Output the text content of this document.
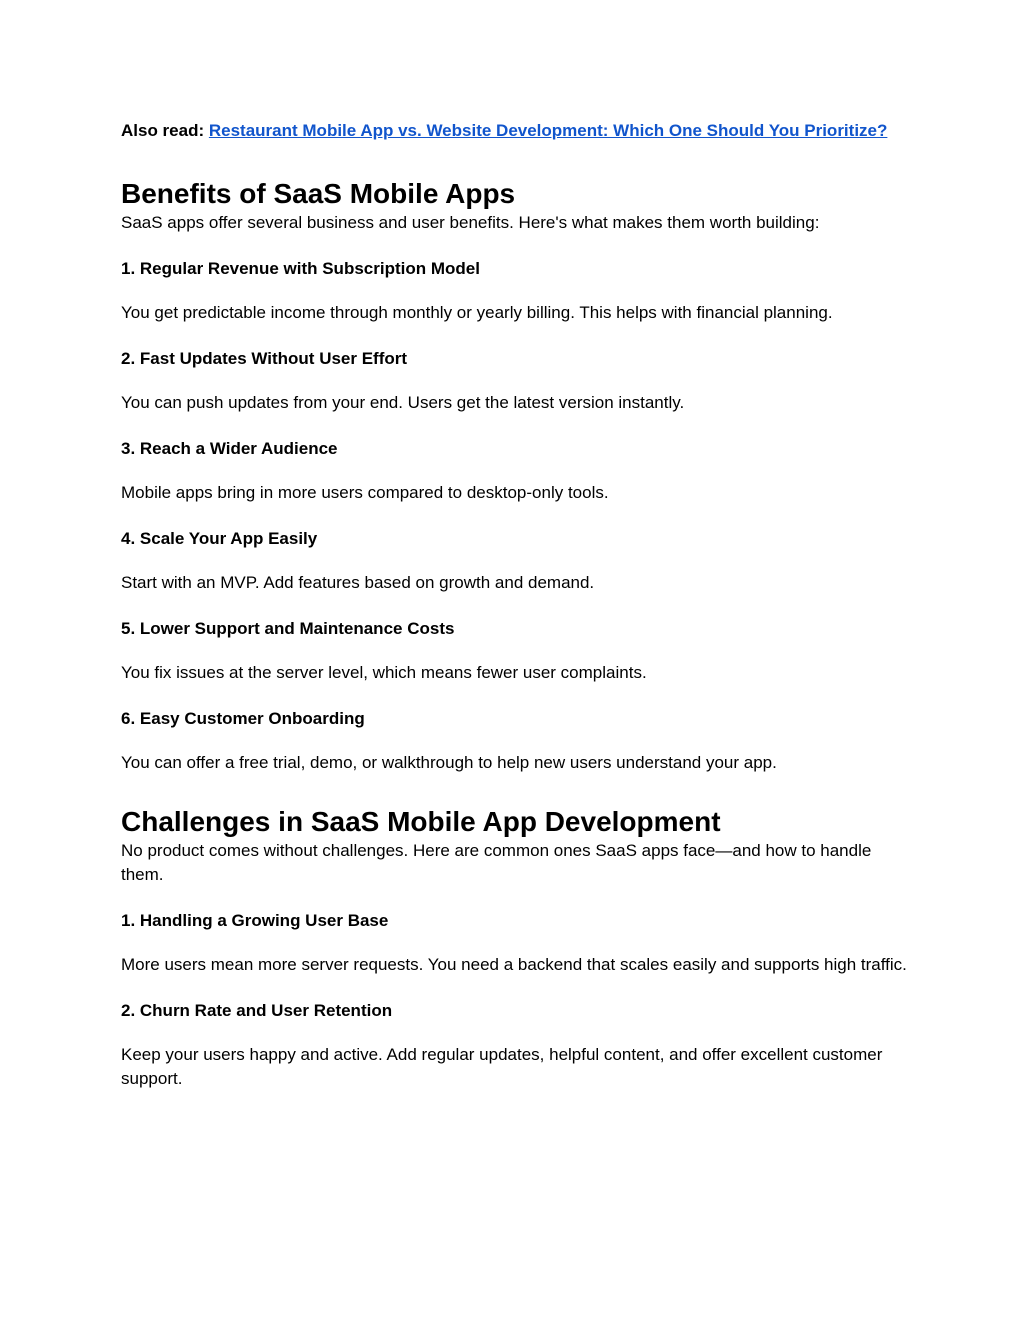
Also read: Restaurant Mobile App vs. Website Development: Which One Should You Prioritize?

Benefits of SaaS Mobile Apps

SaaS apps offer several business and user benefits. Here's what makes them worth building:

1. Regular Revenue with Subscription Model

You get predictable income through monthly or yearly billing. This helps with financial planning.

2. Fast Updates Without User Effort

You can push updates from your end. Users get the latest version instantly.

3. Reach a Wider Audience

Mobile apps bring in more users compared to desktop-only tools.

4. Scale Your App Easily

Start with an MVP. Add features based on growth and demand.

5. Lower Support and Maintenance Costs

You fix issues at the server level, which means fewer user complaints.

6. Easy Customer Onboarding

You can offer a free trial, demo, or walkthrough to help new users understand your app.

Challenges in SaaS Mobile App Development

No product comes without challenges. Here are common ones SaaS apps face—and how to handle them.

1. Handling a Growing User Base

More users mean more server requests. You need a backend that scales easily and supports high traffic.

2. Churn Rate and User Retention

Keep your users happy and active. Add regular updates, helpful content, and offer excellent customer support.
